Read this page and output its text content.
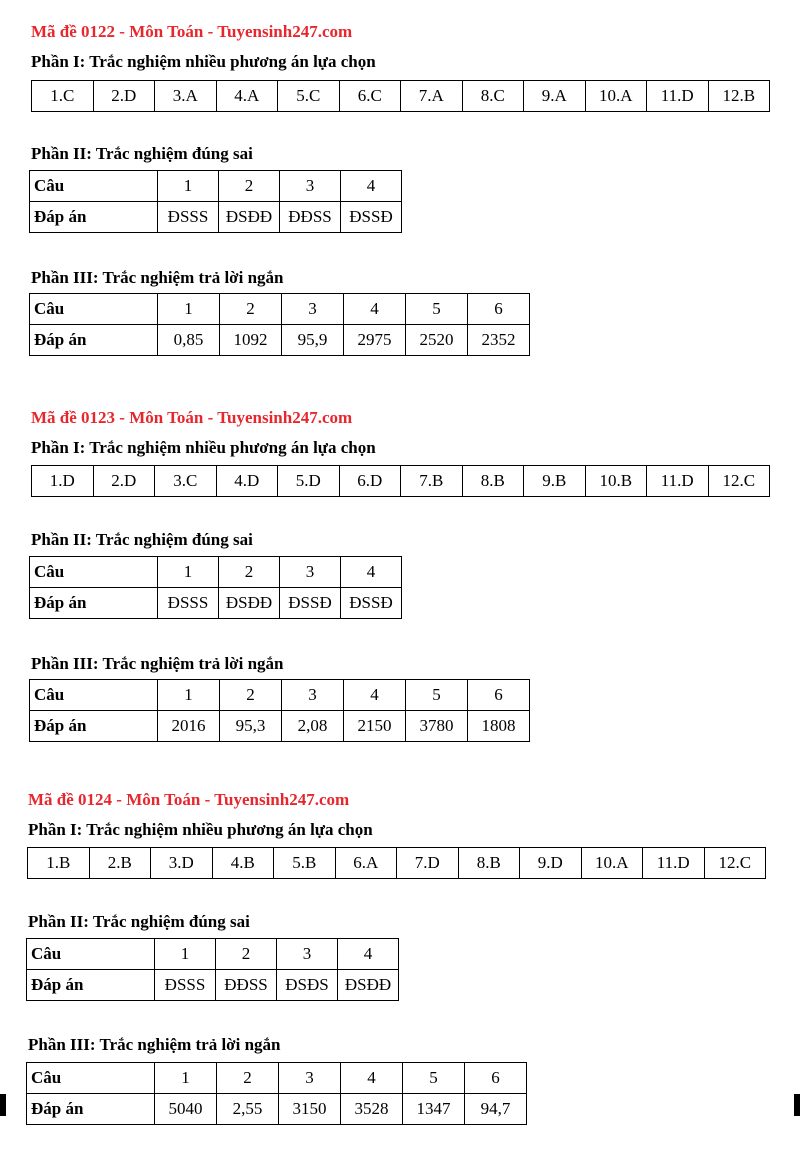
Mã đề 0122 - Môn Toán - Tuyensinh247.com
Phần I: Trắc nghiệm nhiều phương án lựa chọn
1.C	2.D	3.A	4.A	5.C	6.C	7.A	8.C	9.A	10.A	11.D	12.B
Phần II: Trắc nghiệm đúng sai
Câu	1	2	3	4
Đáp án	ĐSSS	ĐSĐĐ	ĐĐSS	ĐSSĐ
Phần III: Trắc nghiệm trả lời ngắn
Câu	1	2	3	4	5	6
Đáp án	0,85	1092	95,9	2975	2520	2352
Mã đề 0123 - Môn Toán - Tuyensinh247.com
Phần I: Trắc nghiệm nhiều phương án lựa chọn
1.D	2.D	3.C	4.D	5.D	6.D	7.B	8.B	9.B	10.B	11.D	12.C
Phần II: Trắc nghiệm đúng sai
Câu	1	2	3	4
Đáp án	ĐSSS	ĐSĐĐ	ĐSSĐ	ĐSSĐ
Phần III: Trắc nghiệm trả lời ngắn
Câu	1	2	3	4	5	6
Đáp án	2016	95,3	2,08	2150	3780	1808
Mã đề 0124 - Môn Toán - Tuyensinh247.com
Phần I: Trắc nghiệm nhiều phương án lựa chọn
1.B	2.B	3.D	4.B	5.B	6.A	7.D	8.B	9.D	10.A	11.D	12.C
Phần II: Trắc nghiệm đúng sai
Câu	1	2	3	4
Đáp án	ĐSSS	ĐĐSS	ĐSĐS	ĐSĐĐ
Phần III: Trắc nghiệm trả lời ngắn
Câu	1	2	3	4	5	6
Đáp án	5040	2,55	3150	3528	1347	94,7
